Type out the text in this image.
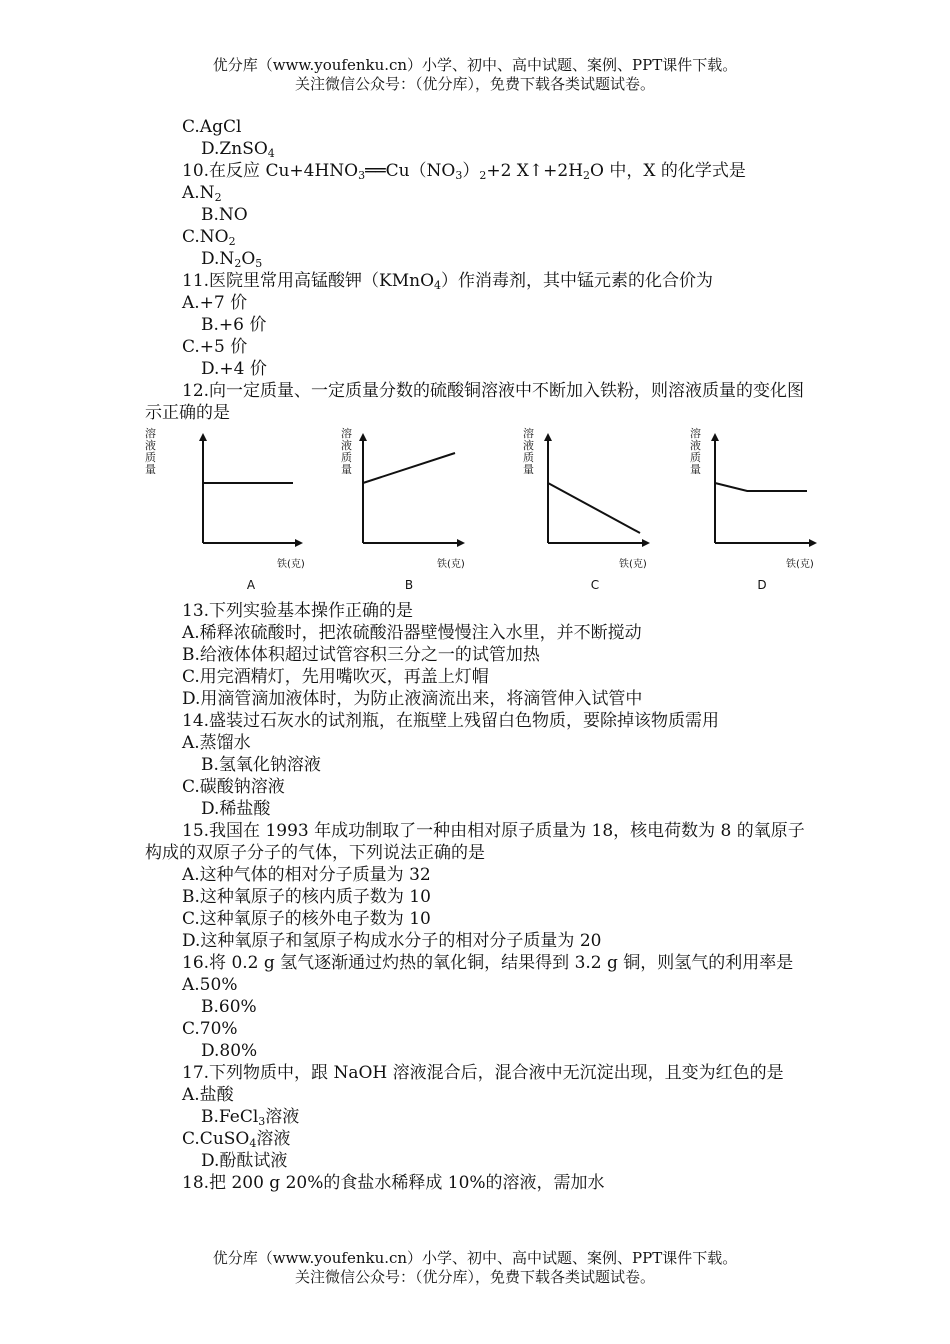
优分库（www.youfenku.cn）小学、初中、高中试题、案例、PPT课件下载。
关注微信公众号：（优分库），免费下载各类试题试卷。
C.AgCl
D.ZnSO$_4$
10.在反应 $Cu+4HNO_3══Cu(NO_3)_2+2$ $X↑+2H_2O$ 中，X 的化学式是
$A.N_2$
B.NO
$C.NO_2$
$D.N_2O_5$
11.医院里常用高锰酸钾（KMnO$_4$）作消毒剂，其中锰元素的化合价为
A.+7 价
B.+6 价
C.+5 价
D.+4 价
12.向一定质量、一定质量分数的硫酸铜溶液中不断加入铁粉，则溶液质量的变化图示正确的是
溶液质量
铁(克)
A
溶液质量
铁(克)
B
溶液质量
铁(克)
C
溶液质量
铁(克)
D
13.下列实验基本操作正确的是
A.稀释浓硫酸时，把浓硫酸沿器壁慢慢注入水里，并不断搅动
B.给液体体积超过试管容积三分之一的试管加热
C.用完酒精灯，先用嘴吹灭，再盖上灯帽
D.用滴管滴加液体时，为防止液滴流出来，将滴管伸入试管中
14.盛装过石灰水的试剂瓶，在瓶壁上残留白色物质，要除掉该物质需用
A.蒸馏水
B.氢氧化钠溶液
C.碳酸钠溶液
D.稀盐酸
15.我国在 1993 年成功制取了一种由相对原子质量为 18，核电荷数为 8 的氧原子构成的双原子分子的气体，下列说法正确的是
A.这种气体的相对分子质量为 32
B.这种氧原子的核内质子数为 10
C.这种氧原子的核外电子数为 10
D.这种氧原子和氢原子构成水分子的相对分子质量为 20
16.将 0.2 g 氢气逐渐通过灼热的氧化铜，结果得到 3.2 g 铜，则氢气的利用率是
A.50%
B.60%
C.70%
D.80%
17.下列物质中，跟 NaOH 溶液混合后，混合液中无沉淀出现，且变为红色的是
A.盐酸
B.FeCl$_3$溶液
C.CuSO$_4$溶液
D.酚酞试液
18.把 200 g 20%的食盐水稀释成 10%的溶液，需加水
优分库（www.youfenku.cn）小学、初中、高中试题、案例、PPT课件下载。
关注微信公众号：（优分库），免费下载各类试题试卷。
